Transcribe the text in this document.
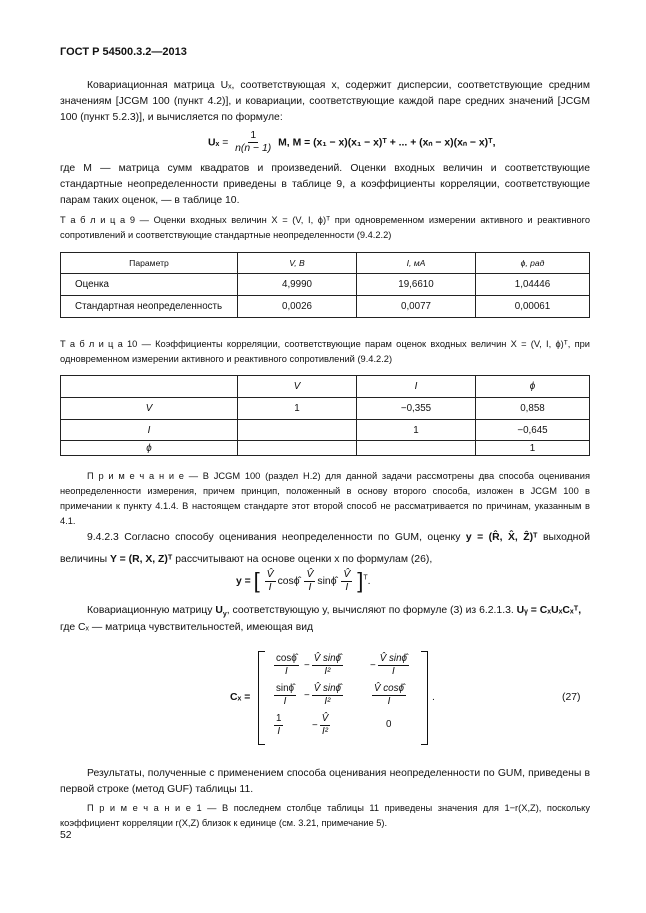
ГОСТ Р 54500.3.2—2013
Ковариационная матрица Uₓ, соответствующая x, содержит дисперсии, соответствующие средним значениям [JCGM 100 (пункт 4.2)], и ковариации, соответствующие каждой паре средних значений [JCGM 100 (пункт 5.2.3)], и вычисляется по формуле:
$U_x = \frac{1}{n(n - 1)} M$, M = (x₁ − x)(x₁ − x)ᵀ + ... + (xₙ − x)(xₙ − x)ᵀ,
где M — матрица сумм квадратов и произведений. Оценки входных величин и соответствующие стандартные неопределенности приведены в таблице 9, а коэффициенты корреляции, соответствующие парам таких оценок, — в таблице 10.
Т а б л и ц а 9 — Оценки входных величин X = (V, I, ϕ)ᵀ при одновременном измерении активного и реактивного сопротивлений и соответствующие стандартные неопределенности (9.4.2.2)
Параметр	V, В	I, мА	ϕ, рад
Оценка	4,9990	19,6610	1,04446
Стандартная неопределенность	0,0026	0,0077	0,00061
Т а б л и ц а 10 — Коэффициенты корреляции, соответствующие парам оценок входных величин X = (V, I, ϕ)ᵀ, при одновременном измерении активного и реактивного сопротивлений (9.4.2.2)
	V	I	ϕ
V	1	−0,355	0,858
I		1	−0,645
ϕ			1
П р и м е ч а н и е — В JCGM 100 (раздел H.2) для данной задачи рассмотрены два способа оценивания неопределенности измерения, причем принцип, положенный в основу второго способа, изложен в JCGM 100 в примечании к пункту 4.1.4. В настоящем стандарте этот второй способ не рассматривается по причинам, указанным в 4.1.
9.4.2.3 Согласно способу оценивания неопределенности по GUM, оценку y = (R̂, X̂, Ẑ)ᵀ выходной величины Y = (R, X, Z)ᵀ рассчитывают на основе оценки x по формулам (26),
y = [ $\frac{V̂}{I}$ cosϕ̂ $\frac{V̂}{I}$ sinϕ̂ $\frac{V̂}{I} ]^T$.
Ковариационную матрицу $U_y$, соответствующую y, вычисляют по формуле (3) из 6.2.1.3. Uᵧ = CₓUₓCₓᵀ,
где Cₓ — матрица чувствительностей, имеющая вид
Cₓ =
$\frac{\cos\phî}{I} - \frac{V̂ \sin\phî}{\text{I²}}$	− $\frac{V̂ \sin\phî}{I}$
$\frac{\sin\phî}{I} - \frac{V̂ \sin\phî}{\text{I²}}$	$\frac{V̂ \cos\phî}{I}$
$\frac{1}{I}$	− $\frac{V̂}{\text{I²}}$	0
.	(27)
Результаты, полученные с применением способа оценивания неопределенности по GUM, приведены в первой строке (метод GUF) таблицы 11.
П р и м е ч а н и е 1 — В последнем столбце таблицы 11 приведены значения для 1−r(X,Z), поскольку коэффициент корреляции r(X,Z) близок к единице (см. 3.21, примечание 5).
52
